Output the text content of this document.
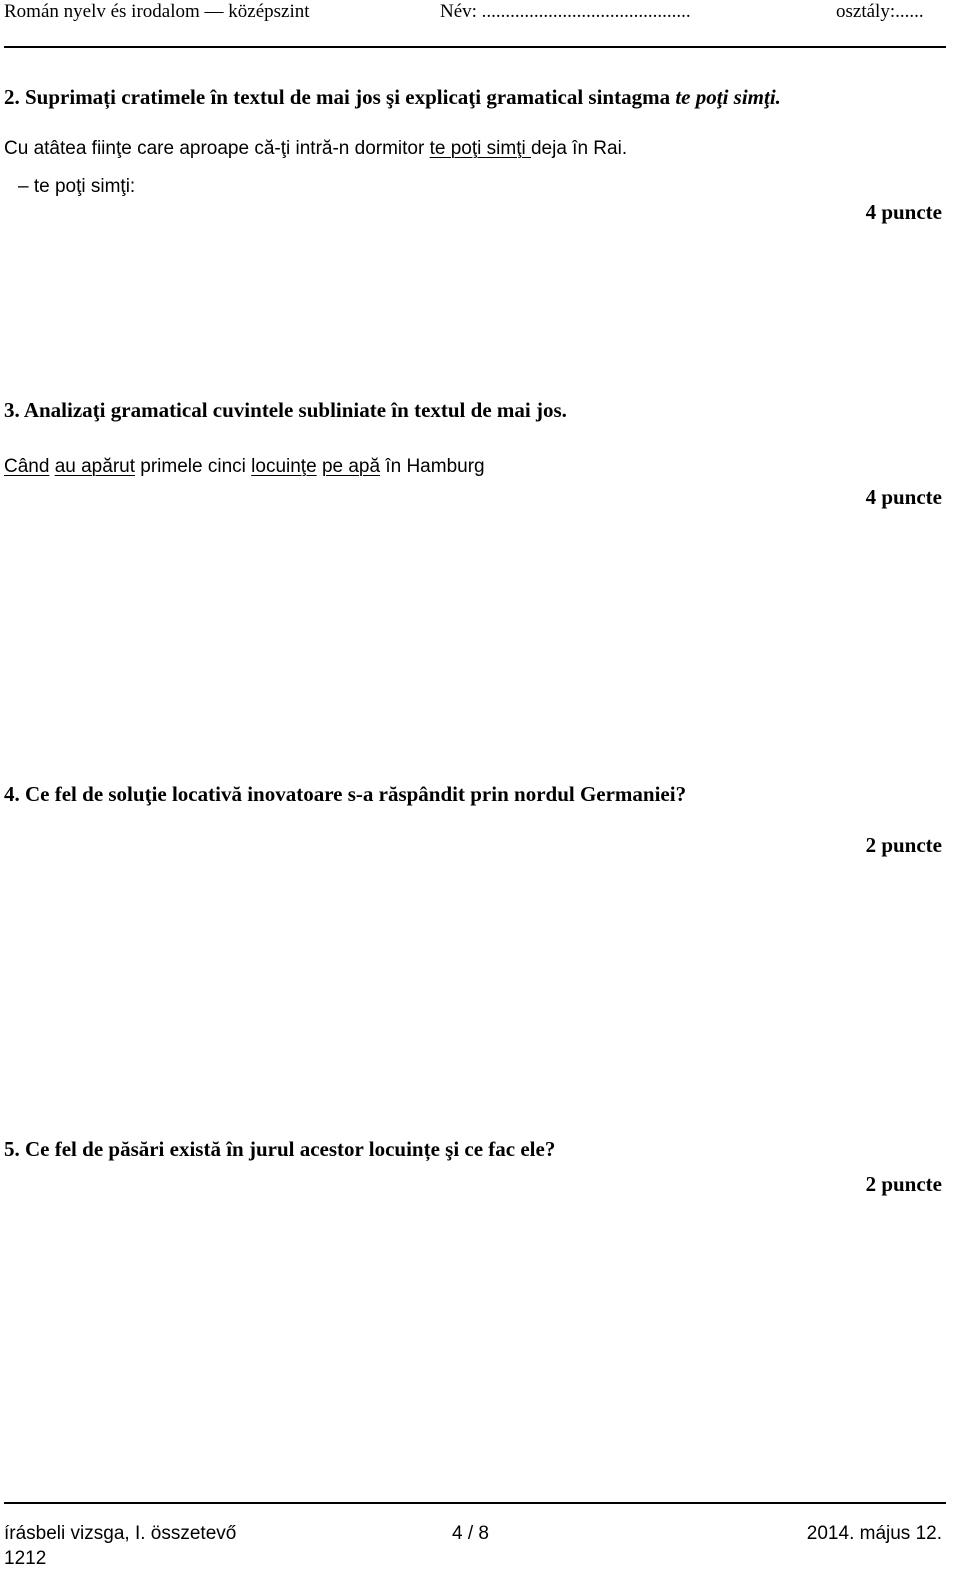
Román nyelv és irodalom — középszint	Név: ............................................	osztály:......
2. Suprimați cratimele în textul de mai jos şi explicaţi gramatical sintagma te poţi simţi.
Cu atâtea fiinţe care aproape că-ţi intră-n dormitor te poţi simţi deja în Rai.
– te poţi simţi:
4 puncte
3. Analizaţi gramatical cuvintele subliniate în textul de mai jos.
Când au apărut primele cinci locuinţe pe apă în Hamburg
4 puncte
4. Ce fel de soluţie locativă inovatoare s-a răspândit prin nordul Germaniei?
2 puncte
5. Ce fel de păsări există în jurul acestor locuințe şi ce fac ele?
2 puncte
írásbeli vizsga, I. összetevő	4 / 8	2014. május 12.
1212
